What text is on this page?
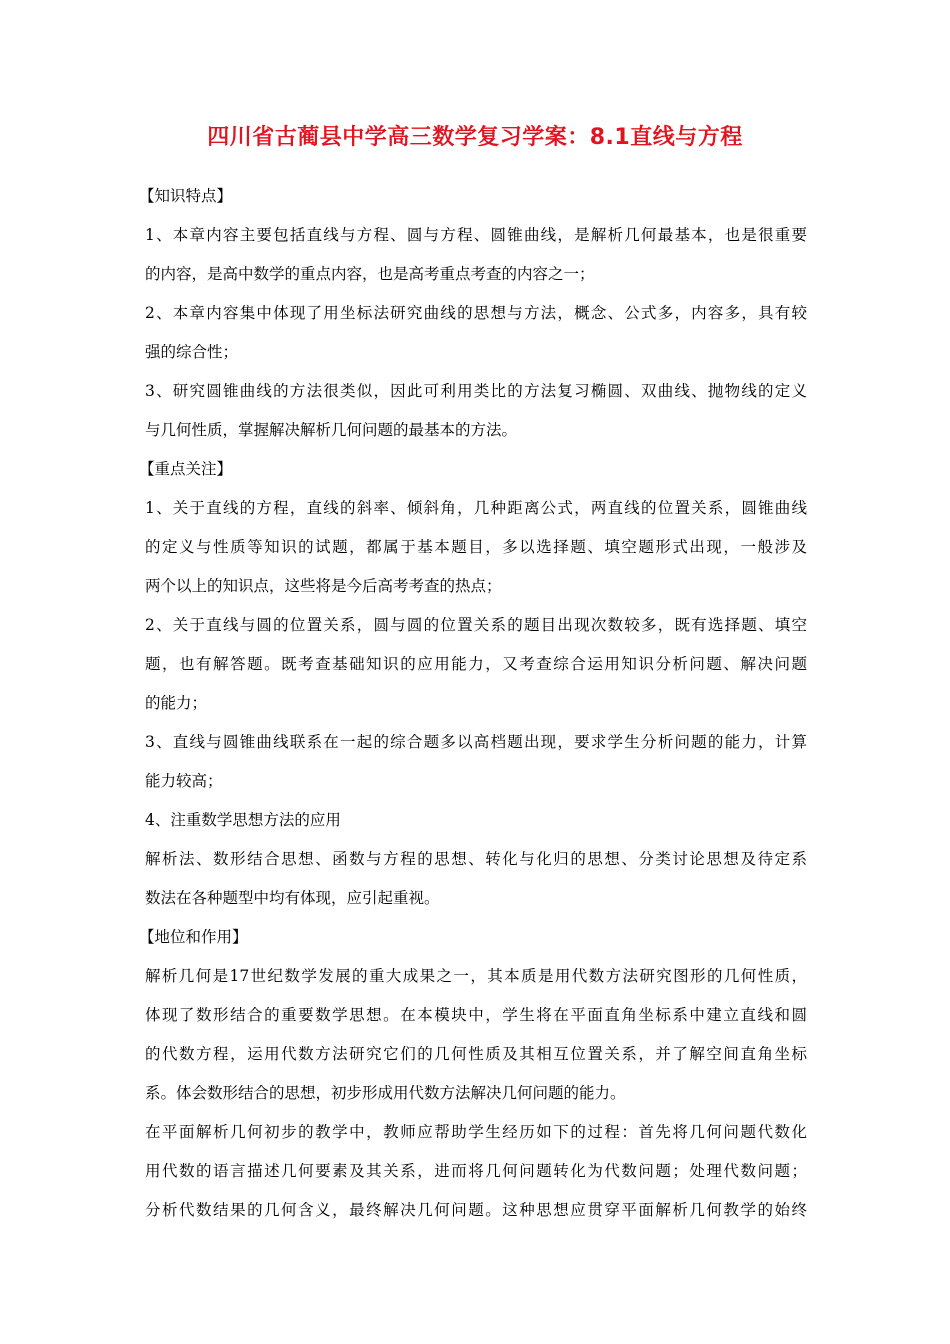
四川省古蔺县中学高三数学复习学案：8.1直线与方程
【知识特点】
1、本章内容主要包括直线与方程、圆与方程、圆锥曲线，是解析几何最基本，也是很重要
的内容，是高中数学的重点内容，也是高考重点考查的内容之一；
2、本章内容集中体现了用坐标法研究曲线的思想与方法，概念、公式多，内容多，具有较
强的综合性；
3、研究圆锥曲线的方法很类似，因此可利用类比的方法复习椭圆、双曲线、抛物线的定义
与几何性质，掌握解决解析几何问题的最基本的方法。
【重点关注】
1、关于直线的方程，直线的斜率、倾斜角，几种距离公式，两直线的位置关系，圆锥曲线
的定义与性质等知识的试题，都属于基本题目，多以选择题、填空题形式出现，一般涉及
两个以上的知识点，这些将是今后高考考查的热点；
2、关于直线与圆的位置关系，圆与圆的位置关系的题目出现次数较多，既有选择题、填空
题，也有解答题。既考查基础知识的应用能力，又考查综合运用知识分析问题、解决问题
的能力；
3、直线与圆锥曲线联系在一起的综合题多以高档题出现，要求学生分析问题的能力，计算
能力较高；
4、注重数学思想方法的应用
解析法、数形结合思想、函数与方程的思想、转化与化归的思想、分类讨论思想及待定系
数法在各种题型中均有体现，应引起重视。
【地位和作用】
解析几何是17世纪数学发展的重大成果之一，其本质是用代数方法研究图形的几何性质，
体现了数形结合的重要数学思想。在本模块中，学生将在平面直角坐标系中建立直线和圆
的代数方程，运用代数方法研究它们的几何性质及其相互位置关系，并了解空间直角坐标
系。体会数形结合的思想，初步形成用代数方法解决几何问题的能力。
在平面解析几何初步的教学中，教师应帮助学生经历如下的过程：首先将几何问题代数化
用代数的语言描述几何要素及其关系，进而将几何问题转化为代数问题；处理代数问题；
分析代数结果的几何含义，最终解决几何问题。这种思想应贯穿平面解析几何教学的始终
